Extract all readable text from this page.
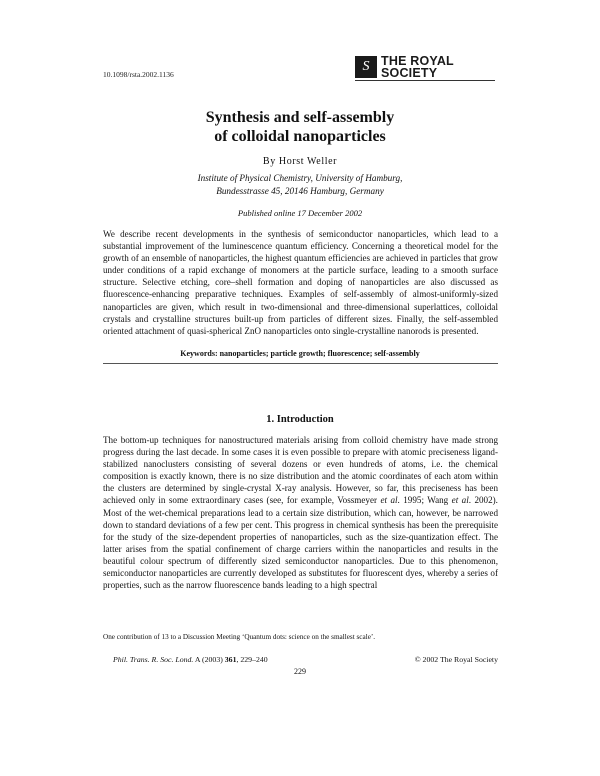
10.1098/rsta.2002.1136
S THE ROYAL
SOCIETY
Synthesis and self-assembly
of colloidal nanoparticles
By Horst Weller
Institute of Physical Chemistry, University of Hamburg,
Bundesstrasse 45, 20146 Hamburg, Germany
Published online 17 December 2002
We describe recent developments in the synthesis of semiconductor nanoparticles, which lead to a substantial improvement of the luminescence quantum efficiency. Concerning a theoretical model for the growth of an ensemble of nanoparticles, the highest quantum efficiencies are achieved in particles that grow under conditions of a rapid exchange of monomers at the particle surface, leading to a smooth surface structure. Selective etching, core–shell formation and doping of nanoparticles are also discussed as fluorescence-enhancing preparative techniques. Examples of self-assembly of almost-uniformly-sized nanoparticles are given, which result in two-dimensional and three-dimensional superlattices, colloidal crystals and crystalline structures built-up from particles of different sizes. Finally, the self-assembled oriented attachment of quasi-spherical ZnO nanoparticles onto single-crystalline nanorods is presented.
Keywords: nanoparticles; particle growth; fluorescence; self-assembly
1. Introduction
The bottom-up techniques for nanostructured materials arising from colloid chemistry have made strong progress during the last decade. In some cases it is even possible to prepare with atomic preciseness ligand-stabilized nanoclusters consisting of several dozens or even hundreds of atoms, i.e. the chemical composition is exactly known, there is no size distribution and the atomic coordinates of each atom within the clusters are determined by single-crystal X-ray analysis. However, so far, this preciseness has been achieved only in some extraordinary cases (see, for example, Vossmeyer et al. 1995; Wang et al. 2002). Most of the wet-chemical preparations lead to a certain size distribution, which can, however, be narrowed down to standard deviations of a few per cent. This progress in chemical synthesis has been the prerequisite for the study of the size-dependent properties of nanoparticles, such as the size-quantization effect. The latter arises from the spatial confinement of charge carriers within the nanoparticles and results in the beautiful colour spectrum of differently sized semiconductor nanoparticles. Due to this phenomenon, semiconductor nanoparticles are currently developed as substitutes for fluorescent dyes, whereby a series of properties, such as the narrow fluorescence bands leading to a high spectral
One contribution of 13 to a Discussion Meeting ‘Quantum dots: science on the smallest scale’.
Phil. Trans. R. Soc. Lond. A (2003) 361, 229–240	© 2002 The Royal Society
229
